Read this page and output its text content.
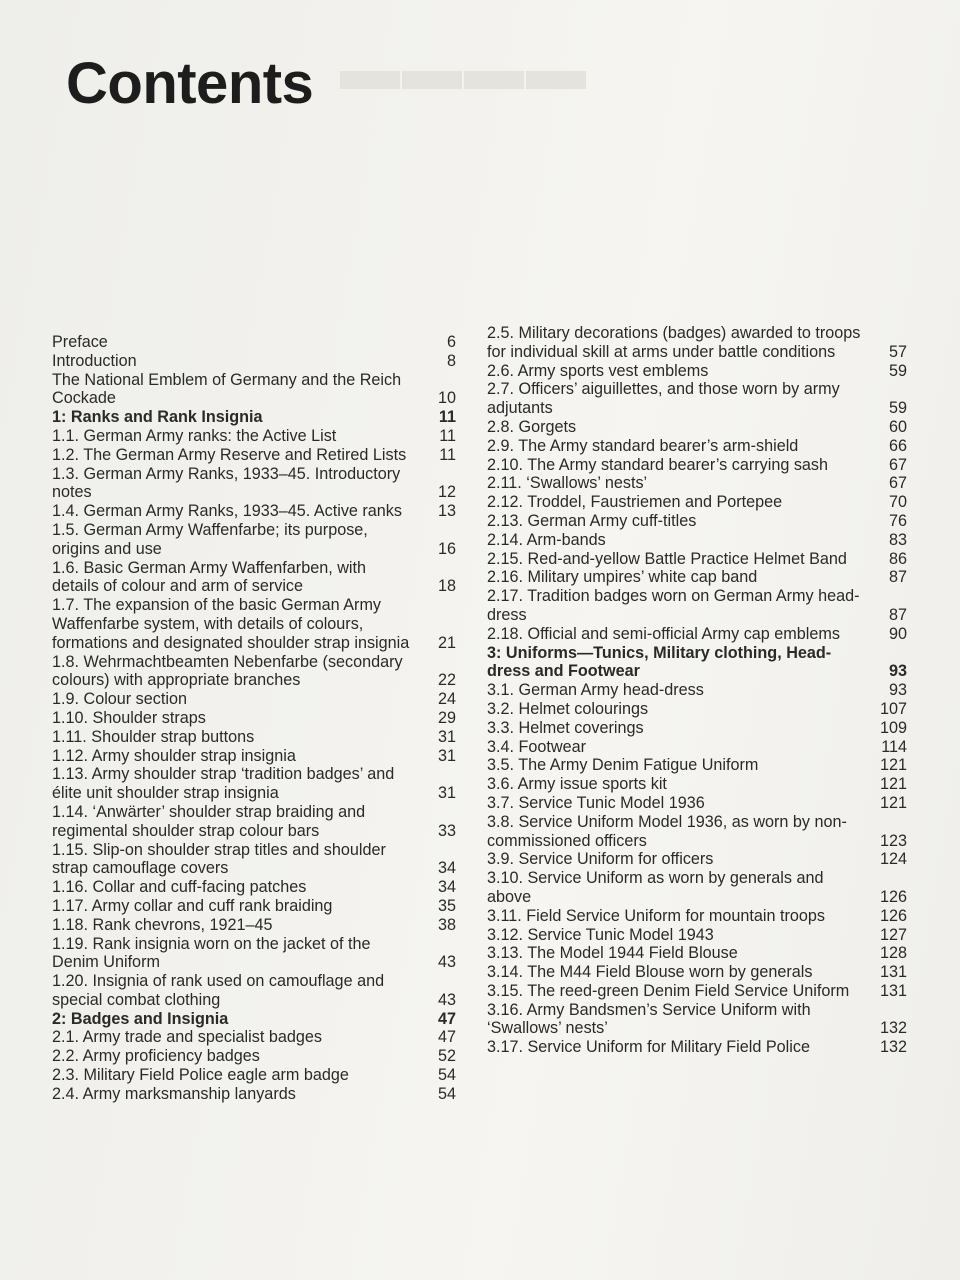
▬▬▬▬
Contents
Preface	6
Introduction	8
The National Emblem of Germany and the Reich Cockade	10
1: Ranks and Rank Insignia	11
1.1. German Army ranks: the Active List	11
1.2. The German Army Reserve and Retired Lists	11
1.3. German Army Ranks, 1933–45. Introductory notes	12
1.4. German Army Ranks, 1933–45. Active ranks	13
1.5. German Army Waffenfarbe; its purpose, origins and use	16
1.6. Basic German Army Waffenfarben, with details of colour and arm of service	18
1.7. The expansion of the basic German Army Waffenfarbe system, with details of colours, formations and designated shoulder strap insignia	21
1.8. Wehrmachtbeamten Nebenfarbe (secondary colours) with appropriate branches	22
1.9. Colour section	24
1.10. Shoulder straps	29
1.11. Shoulder strap buttons	31
1.12. Army shoulder strap insignia	31
1.13. Army shoulder strap ‘tradition badges’ and élite unit shoulder strap insignia	31
1.14. ‘Anwärter’ shoulder strap braiding and regimental shoulder strap colour bars	33
1.15. Slip-on shoulder strap titles and shoulder strap camouflage covers	34
1.16. Collar and cuff-facing patches	34
1.17. Army collar and cuff rank braiding	35
1.18. Rank chevrons, 1921–45	38
1.19. Rank insignia worn on the jacket of the Denim Uniform	43
1.20. Insignia of rank used on camouflage and special combat clothing	43
2: Badges and Insignia	47
2.1. Army trade and specialist badges	47
2.2. Army proficiency badges	52
2.3. Military Field Police eagle arm badge	54
2.4. Army marksmanship lanyards	54
2.5. Military decorations (badges) awarded to troops for individual skill at arms under battle conditions	57
2.6. Army sports vest emblems	59
2.7. Officers’ aiguillettes, and those worn by army adjutants	59
2.8. Gorgets	60
2.9. The Army standard bearer’s arm-shield	66
2.10. The Army standard bearer’s carrying sash	67
2.11. ‘Swallows’ nests’	67
2.12. Troddel, Faustriemen and Portepee	70
2.13. German Army cuff-titles	76
2.14. Arm-bands	83
2.15. Red-and-yellow Battle Practice Helmet Band	86
2.16. Military umpires’ white cap band	87
2.17. Tradition badges worn on German Army head-dress	87
2.18. Official and semi-official Army cap emblems	90
3: Uniforms—Tunics, Military clothing, Head-dress and Footwear	93
3.1. German Army head-dress	93
3.2. Helmet colourings	107
3.3. Helmet coverings	109
3.4. Footwear	114
3.5. The Army Denim Fatigue Uniform	121
3.6. Army issue sports kit	121
3.7. Service Tunic Model 1936	121
3.8. Service Uniform Model 1936, as worn by non-commissioned officers	123
3.9. Service Uniform for officers	124
3.10. Service Uniform as worn by generals and above	126
3.11. Field Service Uniform for mountain troops	126
3.12. Service Tunic Model 1943	127
3.13. The Model 1944 Field Blouse	128
3.14. The M44 Field Blouse worn by generals	131
3.15. The reed-green Denim Field Service Uniform	131
3.16. Army Bandsmen’s Service Uniform with ‘Swallows’ nests’	132
3.17. Service Uniform for Military Field Police	132
